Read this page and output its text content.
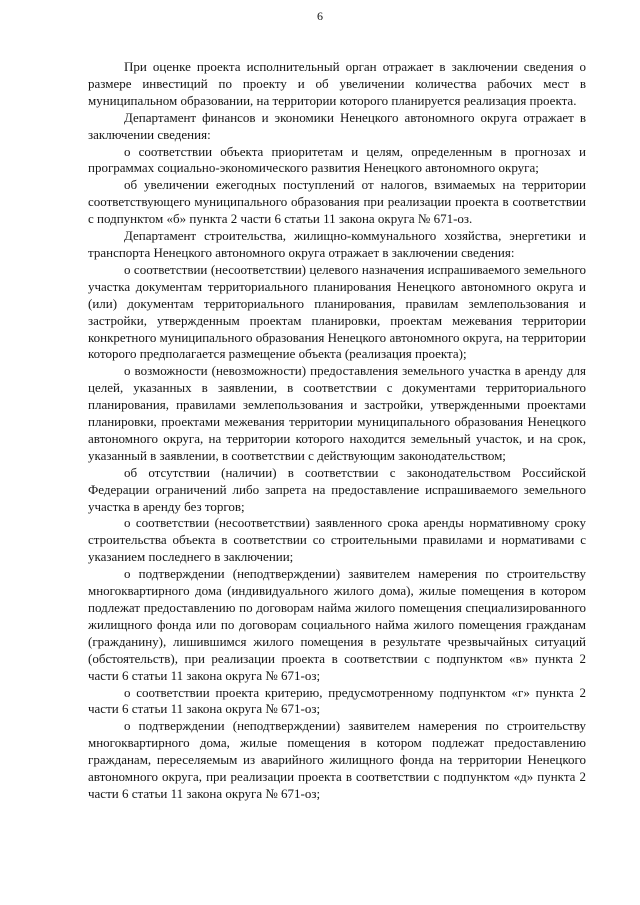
6

При оценке проекта исполнительный орган отражает в заключении сведения о размере инвестиций по проекту и об увеличении количества рабочих мест в муниципальном образовании, на территории которого планируется реализация проекта.

Департамент финансов и экономики Ненецкого автономного округа отражает в заключении сведения:

о соответствии объекта приоритетам и целям, определенным в прогнозах и программах социально-экономического развития Ненецкого автономного округа;

об увеличении ежегодных поступлений от налогов, взимаемых на территории соответствующего муниципального образования при реализации проекта в соответствии с подпунктом «б» пункта 2 части 6 статьи 11 закона округа № 671-оз.

Департамент строительства, жилищно-коммунального хозяйства, энергетики и транспорта Ненецкого автономного округа отражает в заключении сведения:

о соответствии (несоответствии) целевого назначения испрашиваемого земельного участка документам территориального планирования Ненецкого автономного округа и (или) документам территориального планирования, правилам землепользования и застройки, утвержденным проектам планировки, проектам межевания территории конкретного муниципального образования Ненецкого автономного округа, на территории которого предполагается размещение объекта (реализация проекта);

о возможности (невозможности) предоставления земельного участка в аренду для целей, указанных в заявлении, в соответствии с документами территориального планирования, правилами землепользования и застройки, утвержденными проектами планировки, проектами межевания территории муниципального образования Ненецкого автономного округа, на территории которого находится земельный участок, и на срок, указанный в заявлении, в соответствии с действующим законодательством;

об отсутствии (наличии) в соответствии с законодательством Российской Федерации ограничений либо запрета на предоставление испрашиваемого земельного участка в аренду без торгов;

о соответствии (несоответствии) заявленного срока аренды нормативному сроку строительства объекта в соответствии со строительными правилами и нормативами с указанием последнего в заключении;

о подтверждении (неподтверждении) заявителем намерения по строительству многоквартирного дома (индивидуального жилого дома), жилые помещения в котором подлежат предоставлению по договорам найма жилого помещения специализированного жилищного фонда или по договорам социального найма жилого помещения гражданам (гражданину), лишившимся жилого помещения в результате чрезвычайных ситуаций (обстоятельств), при реализации проекта в соответствии с подпунктом «в» пункта 2 части 6 статьи 11 закона округа № 671-оз;

о соответствии проекта критерию, предусмотренному подпунктом «г» пункта 2 части 6 статьи 11 закона округа № 671-оз;

о подтверждении (неподтверждении) заявителем намерения по строительству многоквартирного дома, жилые помещения в котором подлежат предоставлению гражданам, переселяемым из аварийного жилищного фонда на территории Ненецкого автономного округа, при реализации проекта в соответствии с подпунктом «д» пункта 2 части 6 статьи 11 закона округа № 671-оз;
